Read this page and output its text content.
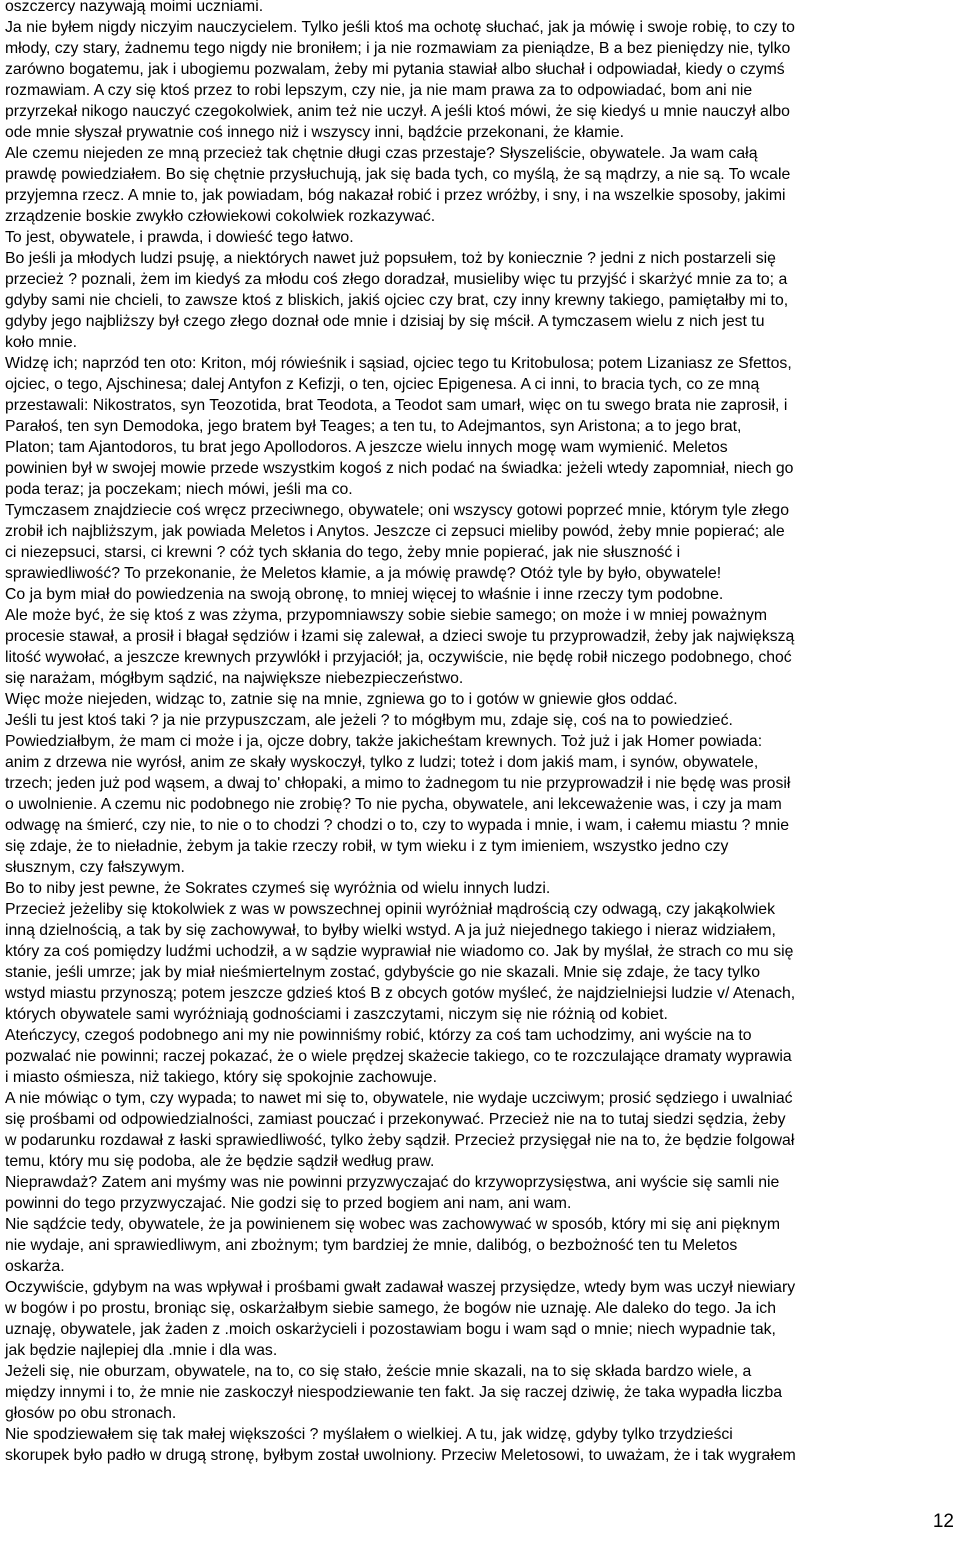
oszczercy nazywają moimi uczniami.

Ja nie byłem nigdy niczyim nauczycielem. Tylko jeśli ktoś ma ochotę słuchać, jak ja mówię i swoje robię, to czy to

młody, czy stary, żadnemu tego nigdy nie broniłem; i ja nie rozmawiam za pieniądze, B a bez pieniędzy nie, tylko

zarówno bogatemu, jak i ubogiemu pozwalam, żeby mi pytania stawiał albo słuchał i odpowiadał, kiedy o czymś

rozmawiam. A czy się ktoś przez to robi lepszym, czy nie, ja nie mam prawa za to odpowiadać, bom ani nie

przyrzekał nikogo nauczyć czegokolwiek, anim też nie uczył. A jeśli ktoś mówi, że się kiedyś u mnie nauczył albo

ode mnie słyszał prywatnie coś innego niż i wszyscy inni, bądźcie przekonani, że kłamie.

Ale czemu niejeden ze mną przecież tak chętnie długi czas przestaje? Słyszeliście, obywatele. Ja wam całą

prawdę powiedziałem. Bo się chętnie przysłuchują, jak się bada tych, co myślą, że są mądrzy, a nie są. To wcale

przyjemna rzecz. A mnie to, jak powiadam, bóg nakazał robić i przez wróżby, i sny, i na wszelkie sposoby, jakimi

zrządzenie boskie zwykło człowiekowi cokolwiek rozkazywać.

To jest, obywatele, i prawda, i dowieść tego łatwo.

Bo jeśli ja młodych ludzi psuję, a niektórych nawet już popsułem, toż by koniecznie ? jedni z nich postarzeli się

przecież ? poznali, żem im kiedyś za młodu coś złego doradzał, musieliby więc tu przyjść i skarżyć mnie za to; a

gdyby sami nie chcieli, to zawsze ktoś z bliskich, jakiś ojciec czy brat, czy inny krewny takiego, pamiętałby mi to,

gdyby jego najbliższy był czego złego doznał ode mnie i dzisiaj by się mścił. A tymczasem wielu z nich jest tu

koło mnie.

Widzę ich; naprzód ten oto: Kriton, mój rówieśnik i sąsiad, ojciec tego tu Kritobulosa; potem Lizaniasz ze Sfettos,

ojciec, o tego, Ajschinesa; dalej Antyfon z Kefizji, o ten, ojciec Epigenesa. A ci inni, to bracia tych, co ze mną

przestawali: Nikostratos, syn Teozotida, brat Teodota, a Teodot sam umarł, więc on tu swego brata nie zaprosił, i

Parałoś, ten syn Demodoka, jego bratem był Teages; a ten tu, to Adejmantos, syn Aristona; a to jego brat,

Platon; tam Ajantodoros, tu brat jego Apollodoros. A jeszcze wielu innych mogę wam wymienić. Meletos

powinien był w swojej mowie przede wszystkim kogoś z nich podać na świadka: jeżeli wtedy zapomniał, niech go

poda teraz; ja poczekam; niech mówi, jeśli ma co.

Tymczasem znajdziecie coś wręcz przeciwnego, obywatele; oni wszyscy gotowi poprzeć mnie, którym tyle złego

zrobił ich najbliższym, jak powiada Meletos i Anytos. Jeszcze ci zepsuci mieliby powód, żeby mnie popierać; ale

ci niezepsuci, starsi, ci krewni ? cóż tych skłania do tego, żeby mnie popierać, jak nie słuszność i

sprawiedliwość? To przekonanie, że Meletos kłamie, a ja mówię prawdę? Otóż tyle by było, obywatele!

Co ja bym miał do powiedzenia na swoją obronę, to mniej więcej to właśnie i inne rzeczy tym podobne.

Ale może być, że się ktoś z was zżyma, przypomniawszy sobie siebie samego; on może i w mniej poważnym

procesie stawał, a prosił i błagał sędziów i łzami się zalewał, a dzieci swoje tu przyprowadził, żeby jak największą

litość wywołać, a jeszcze krewnych przywlókł i przyjaciół; ja, oczywiście, nie będę robił niczego podobnego, choć

się narażam, mógłbym sądzić, na największe niebezpieczeństwo.

Więc może niejeden, widząc to, zatnie się na mnie, zgniewa go to i gotów w gniewie głos oddać.

Jeśli tu jest ktoś taki ? ja nie przypuszczam, ale jeżeli ? to mógłbym mu, zdaje się, coś na to powiedzieć.

Powiedziałbym, że mam ci może i ja, ojcze dobry, także jakicheśtam krewnych. Toż już i jak Homer powiada:

anim z drzewa nie wyrósł, anim ze skały wyskoczył, tylko z ludzi; toteż i dom jakiś mam, i synów, obywatele,

trzech; jeden już pod wąsem, a dwaj to' chłopaki, a mimo to żadnegom tu nie przyprowadził i nie będę was prosił

o uwolnienie. A czemu nic podobnego nie zrobię? To nie pycha, obywatele, ani lekceważenie was, i czy ja mam

odwagę na śmierć, czy nie, to nie o to chodzi ? chodzi o to, czy to wypada i mnie, i wam, i całemu miastu ? mnie

się zdaje, że to nieładnie, żebym ja takie rzeczy robił, w tym wieku i z tym imieniem, wszystko jedno czy

słusznym, czy fałszywym.

Bo to niby jest pewne, że Sokrates czymeś się wyróżnia od wielu innych ludzi.

Przecież jeżeliby się ktokolwiek z was w powszechnej opinii wyróżniał mądrością czy odwagą, czy jakąkolwiek

inną dzielnością, a tak by się zachowywał, to byłby wielki wstyd. A ja już niejednego takiego i nieraz widziałem,

który za coś pomiędzy ludźmi uchodził, a w sądzie wyprawiał nie wiadomo co. Jak by myślał, że strach co mu się

stanie, jeśli umrze; jak by miał nieśmiertelnym zostać, gdybyście go nie skazali. Mnie się zdaje, że tacy tylko

wstyd miastu przynoszą; potem jeszcze gdzieś ktoś B z obcych gotów myśleć, że najdzielniejsi ludzie v/ Atenach,

których obywatele sami wyróżniają godnościami i zaszczytami, niczym się nie różnią od kobiet.

Ateńczycy, czegoś podobnego ani my nie powinniśmy robić, którzy za coś tam uchodzimy, ani wyście na to

pozwalać nie powinni; raczej pokazać, że o wiele prędzej skażecie takiego, co te rozczulające dramaty wyprawia

i miasto ośmiesza, niż takiego, który się spokojnie zachowuje.

A nie mówiąc o tym, czy wypada; to nawet mi się to, obywatele, nie wydaje uczciwym; prosić sędziego i uwalniać

się prośbami od odpowiedzialności, zamiast pouczać i przekonywać. Przecież nie na to tutaj siedzi sędzia, żeby

w podarunku rozdawał z łaski sprawiedliwość, tylko żeby sądził. Przecież przysięgał nie na to, że będzie folgował

temu, który mu się podoba, ale że będzie sądził według praw.

Nieprawdaż? Zatem ani myśmy was nie powinni przyzwyczajać do krzywoprzysięstwa, ani wyście się samli nie

powinni do tego przyzwyczajać. Nie godzi się to przed bogiem ani nam, ani wam.

Nie sądźcie tedy, obywatele, że ja powinienem się wobec was zachowywać w sposób, który mi się ani pięknym

nie wydaje, ani sprawiedliwym, ani zbożnym; tym bardziej że mnie, dalibóg, o bezbożność ten tu Meletos

oskarża.

Oczywiście, gdybym na was wpływał i prośbami gwałt zadawał waszej przysiędze, wtedy bym was uczył niewiary

w bogów i po prostu, broniąc się, oskarżałbym siebie samego, że bogów nie uznaję. Ale daleko do tego. Ja ich

uznaję, obywatele, jak żaden z .moich oskarżycieli i pozostawiam bogu i wam sąd o mnie; niech wypadnie tak,

jak będzie najlepiej dla .mnie i dla was.

Jeżeli się, nie oburzam, obywatele, na to, co się stało, żeście mnie skazali, na to się składa bardzo wiele, a

między innymi i to, że mnie nie zaskoczył niespodziewanie ten fakt. Ja się raczej dziwię, że taka wypadła liczba

głosów po obu stronach.

Nie spodziewałem się tak małej większości ? myślałem o wielkiej. A tu, jak widzę, gdyby tylko trzydzieści

skorupek było padło w drugą stronę, byłbym został uwolniony. Przeciw Meletosowi, to uważam, że i tak wygrałem

12
